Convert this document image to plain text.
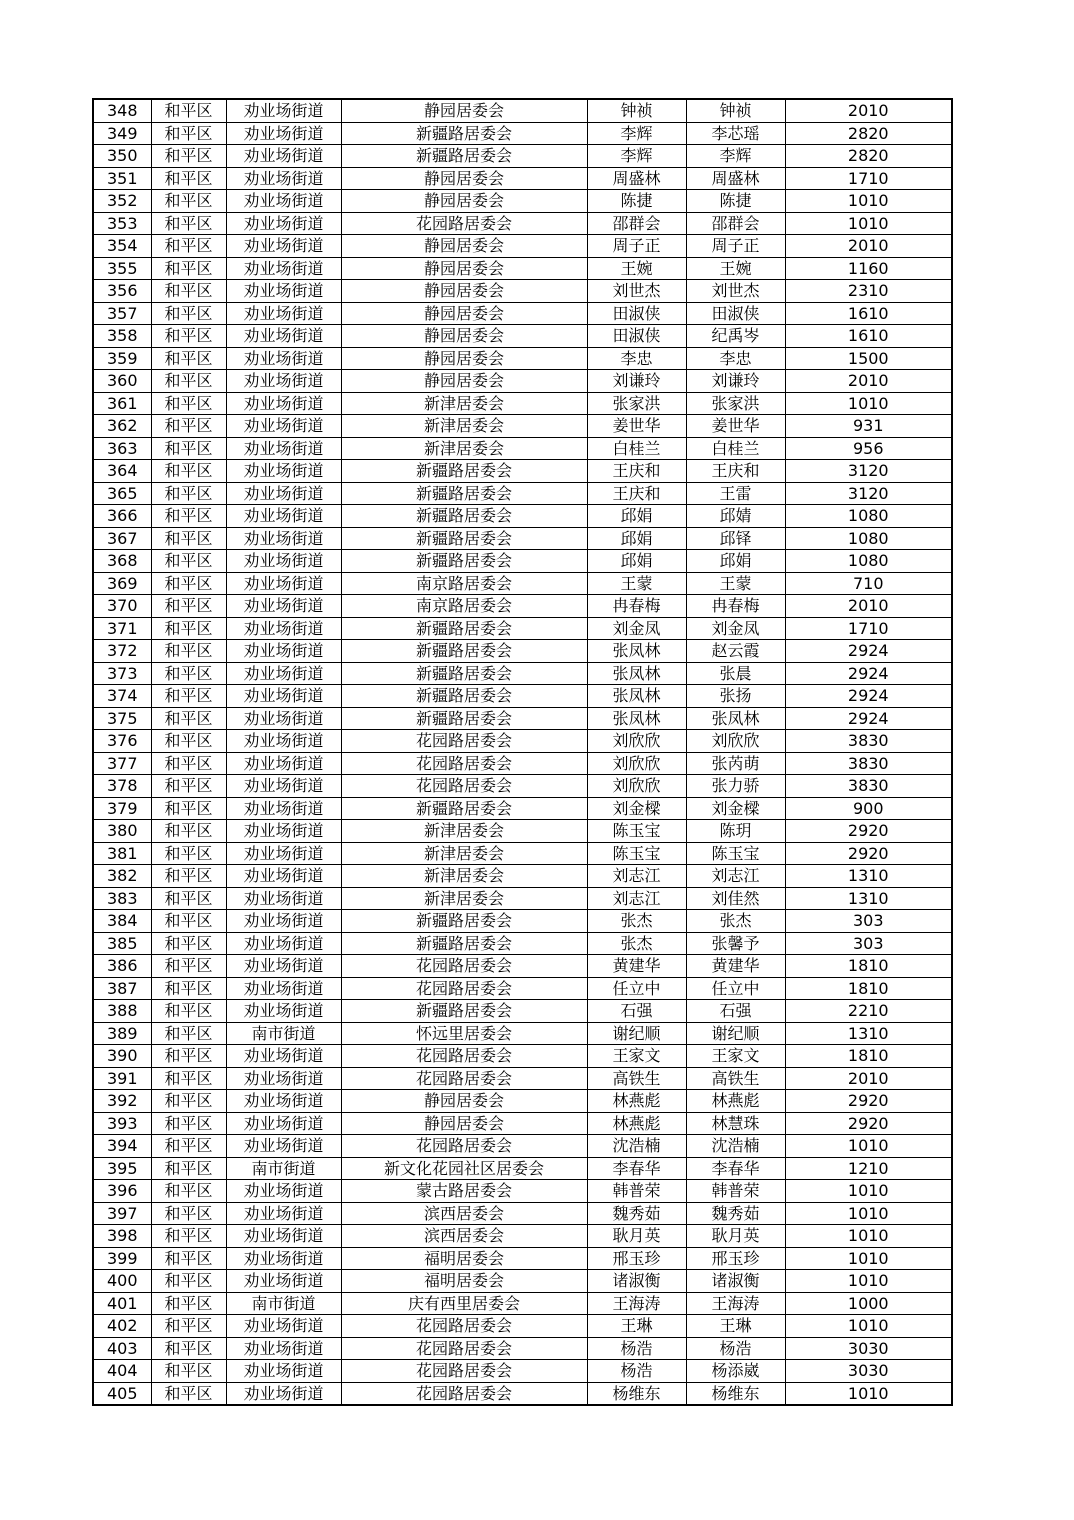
348	和平区	劝业场街道	静园居委会	钟祯	钟祯	2010
349	和平区	劝业场街道	新疆路居委会	李辉	李芯瑶	2820
350	和平区	劝业场街道	新疆路居委会	李辉	李辉	2820
351	和平区	劝业场街道	静园居委会	周盛林	周盛林	1710
352	和平区	劝业场街道	静园居委会	陈捷	陈捷	1010
353	和平区	劝业场街道	花园路居委会	邵群会	邵群会	1010
354	和平区	劝业场街道	静园居委会	周子正	周子正	2010
355	和平区	劝业场街道	静园居委会	王婉	王婉	1160
356	和平区	劝业场街道	静园居委会	刘世杰	刘世杰	2310
357	和平区	劝业场街道	静园居委会	田淑侠	田淑侠	1610
358	和平区	劝业场街道	静园居委会	田淑侠	纪禹岑	1610
359	和平区	劝业场街道	静园居委会	李忠	李忠	1500
360	和平区	劝业场街道	静园居委会	刘谦玲	刘谦玲	2010
361	和平区	劝业场街道	新津居委会	张家洪	张家洪	1010
362	和平区	劝业场街道	新津居委会	姜世华	姜世华	931
363	和平区	劝业场街道	新津居委会	白桂兰	白桂兰	956
364	和平区	劝业场街道	新疆路居委会	王庆和	王庆和	3120
365	和平区	劝业场街道	新疆路居委会	王庆和	王雷	3120
366	和平区	劝业场街道	新疆路居委会	邱娟	邱婧	1080
367	和平区	劝业场街道	新疆路居委会	邱娟	邱铎	1080
368	和平区	劝业场街道	新疆路居委会	邱娟	邱娟	1080
369	和平区	劝业场街道	南京路居委会	王蒙	王蒙	710
370	和平区	劝业场街道	南京路居委会	冉春梅	冉春梅	2010
371	和平区	劝业场街道	新疆路居委会	刘金凤	刘金凤	1710
372	和平区	劝业场街道	新疆路居委会	张凤林	赵云霞	2924
373	和平区	劝业场街道	新疆路居委会	张凤林	张晨	2924
374	和平区	劝业场街道	新疆路居委会	张凤林	张扬	2924
375	和平区	劝业场街道	新疆路居委会	张凤林	张凤林	2924
376	和平区	劝业场街道	花园路居委会	刘欣欣	刘欣欣	3830
377	和平区	劝业场街道	花园路居委会	刘欣欣	张芮萌	3830
378	和平区	劝业场街道	花园路居委会	刘欣欣	张力骄	3830
379	和平区	劝业场街道	新疆路居委会	刘金樑	刘金樑	900
380	和平区	劝业场街道	新津居委会	陈玉宝	陈玥	2920
381	和平区	劝业场街道	新津居委会	陈玉宝	陈玉宝	2920
382	和平区	劝业场街道	新津居委会	刘志江	刘志江	1310
383	和平区	劝业场街道	新津居委会	刘志江	刘佳然	1310
384	和平区	劝业场街道	新疆路居委会	张杰	张杰	303
385	和平区	劝业场街道	新疆路居委会	张杰	张馨予	303
386	和平区	劝业场街道	花园路居委会	黄建华	黄建华	1810
387	和平区	劝业场街道	花园路居委会	任立中	任立中	1810
388	和平区	劝业场街道	新疆路居委会	石强	石强	2210
389	和平区	南市街道	怀远里居委会	谢纪顺	谢纪顺	1310
390	和平区	劝业场街道	花园路居委会	王家文	王家文	1810
391	和平区	劝业场街道	花园路居委会	高铁生	高铁生	2010
392	和平区	劝业场街道	静园居委会	林燕彪	林燕彪	2920
393	和平区	劝业场街道	静园居委会	林燕彪	林慧珠	2920
394	和平区	劝业场街道	花园路居委会	沈浩楠	沈浩楠	1010
395	和平区	南市街道	新文化花园社区居委会	李春华	李春华	1210
396	和平区	劝业场街道	蒙古路居委会	韩普荣	韩普荣	1010
397	和平区	劝业场街道	滨西居委会	魏秀茹	魏秀茹	1010
398	和平区	劝业场街道	滨西居委会	耿月英	耿月英	1010
399	和平区	劝业场街道	福明居委会	邢玉珍	邢玉珍	1010
400	和平区	劝业场街道	福明居委会	诸淑衡	诸淑衡	1010
401	和平区	南市街道	庆有西里居委会	王海涛	王海涛	1000
402	和平区	劝业场街道	花园路居委会	王琳	王琳	1010
403	和平区	劝业场街道	花园路居委会	杨浩	杨浩	3030
404	和平区	劝业场街道	花园路居委会	杨浩	杨添崴	3030
405	和平区	劝业场街道	花园路居委会	杨维东	杨维东	1010
